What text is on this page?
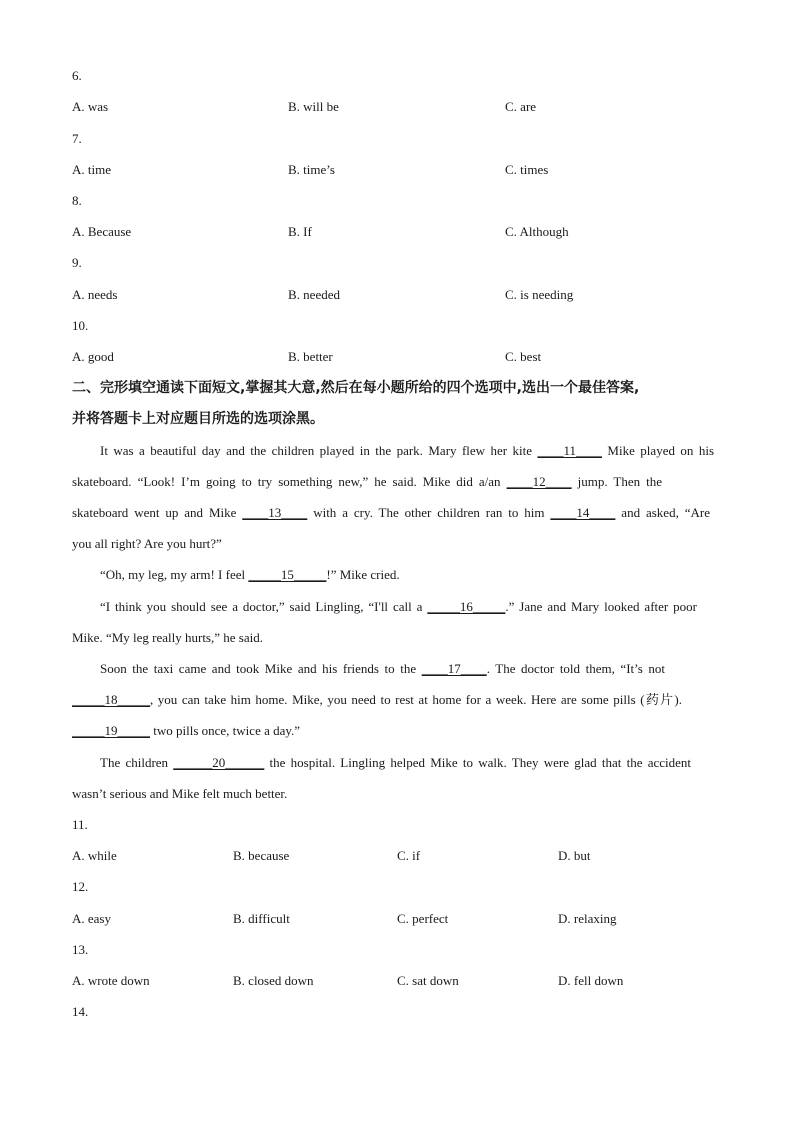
6.
A. was	B. will be	C. are
7.
A. time	B. time’s	C. times
8.
A. Because	B. If	C. Although
9.
A. needs	B. needed	C. is needing
10.
A. good	B. better	C. best
二、完形填空通读下面短文,掌握其大意,然后在每小题所给的四个选项中,选出一个最佳答案,
并将答题卡上对应题目所选的选项涂黑。
It was a beautiful day and the children played in the park. Mary flew her kite ____11____ Mike played on his
skateboard. “Look! I’m going to try something new,” he said. Mike did a/an ____12____ jump. Then the
skateboard went up and Mike ____13____ with a cry. The other children ran to him ____14____ and asked, “Are
you all right? Are you hurt?”
“Oh, my leg, my arm! I feel _____15_____!” Mike cried.
“I think you should see a doctor,” said Lingling, “I'll call a _____16_____.” Jane and Mary looked after poor
Mike. “My leg really hurts,” he said.
Soon the taxi came and took Mike and his friends to the ____17____. The doctor told them, “It’s not
_____18_____, you can take him home. Mike, you need to rest at home for a week. Here are some pills (药片).
_____19_____ two pills once, twice a day.”
The children ______20______ the hospital. Lingling helped Mike to walk. They were glad that the accident
wasn’t serious and Mike felt much better.
11.
A. while	B. because	C. if	D. but
12.
A. easy	B. difficult	C. perfect	D. relaxing
13.
A. wrote down	B. closed down	C. sat down	D. fell down
14.
